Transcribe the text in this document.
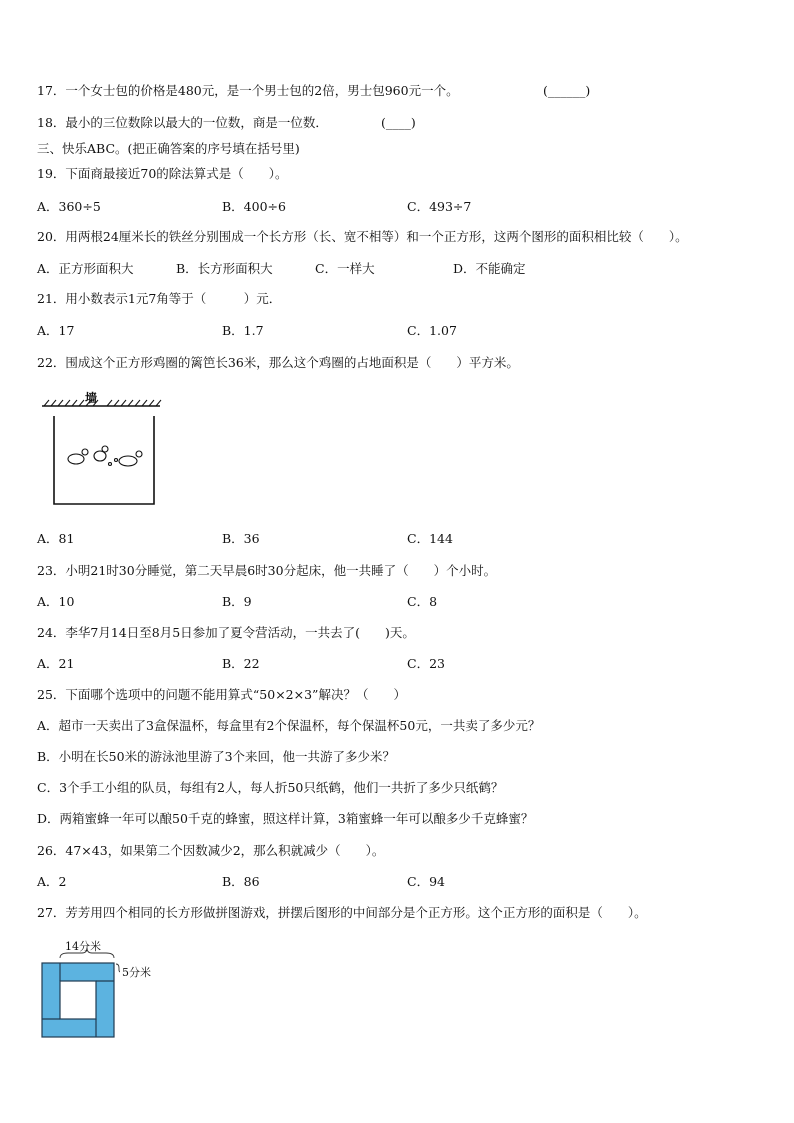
17．一个女士包的价格是480元，是一个男士包的2倍，男士包960元一个。	(______)
18．最小的三位数除以最大的一位数，商是一位数．	(____)
三、快乐ABC。(把正确答案的序号填在括号里)
19．下面商最接近70的除法算式是（　　）。
A．360÷5	B．400÷6	C．493÷7
20．用两根24厘米长的铁丝分别围成一个长方形（长、宽不相等）和一个正方形，这两个图形的面积相比较（　　）。
A．正方形面积大	B．长方形面积大	C．一样大	D．不能确定
21．用小数表示1元7角等于（　　　）元．
A．17	B．1.7	C．1.07
22．围成这个正方形鸡圈的篱笆长36米，那么这个鸡圈的占地面积是（　　）平方米。
墙
A．81	B．36	C．144
23．小明21时30分睡觉，第二天早晨6时30分起床，他一共睡了（　　）个小时。
A．10	B．9	C．8
24．李华7月14日至8月5日参加了夏令营活动，一共去了(　　)天。
A．21	B．22	C．23
25．下面哪个选项中的问题不能用算式“50×2×3”解决？（　　）
A．超市一天卖出了3盒保温杯，每盒里有2个保温杯，每个保温杯50元，一共卖了多少元？
B．小明在长50米的游泳池里游了3个来回，他一共游了多少米？
C．3个手工小组的队员，每组有2人，每人折50只纸鹤，他们一共折了多少只纸鹤？
D．两箱蜜蜂一年可以酿50千克的蜂蜜，照这样计算，3箱蜜蜂一年可以酿多少千克蜂蜜？
26．47×43，如果第二个因数减少2，那么积就减少（　　）。
A．2	B．86	C．94
27．芳芳用四个相同的长方形做拼图游戏，拼摆后图形的中间部分是个正方形。这个正方形的面积是（　　）。
14分米
5分米
